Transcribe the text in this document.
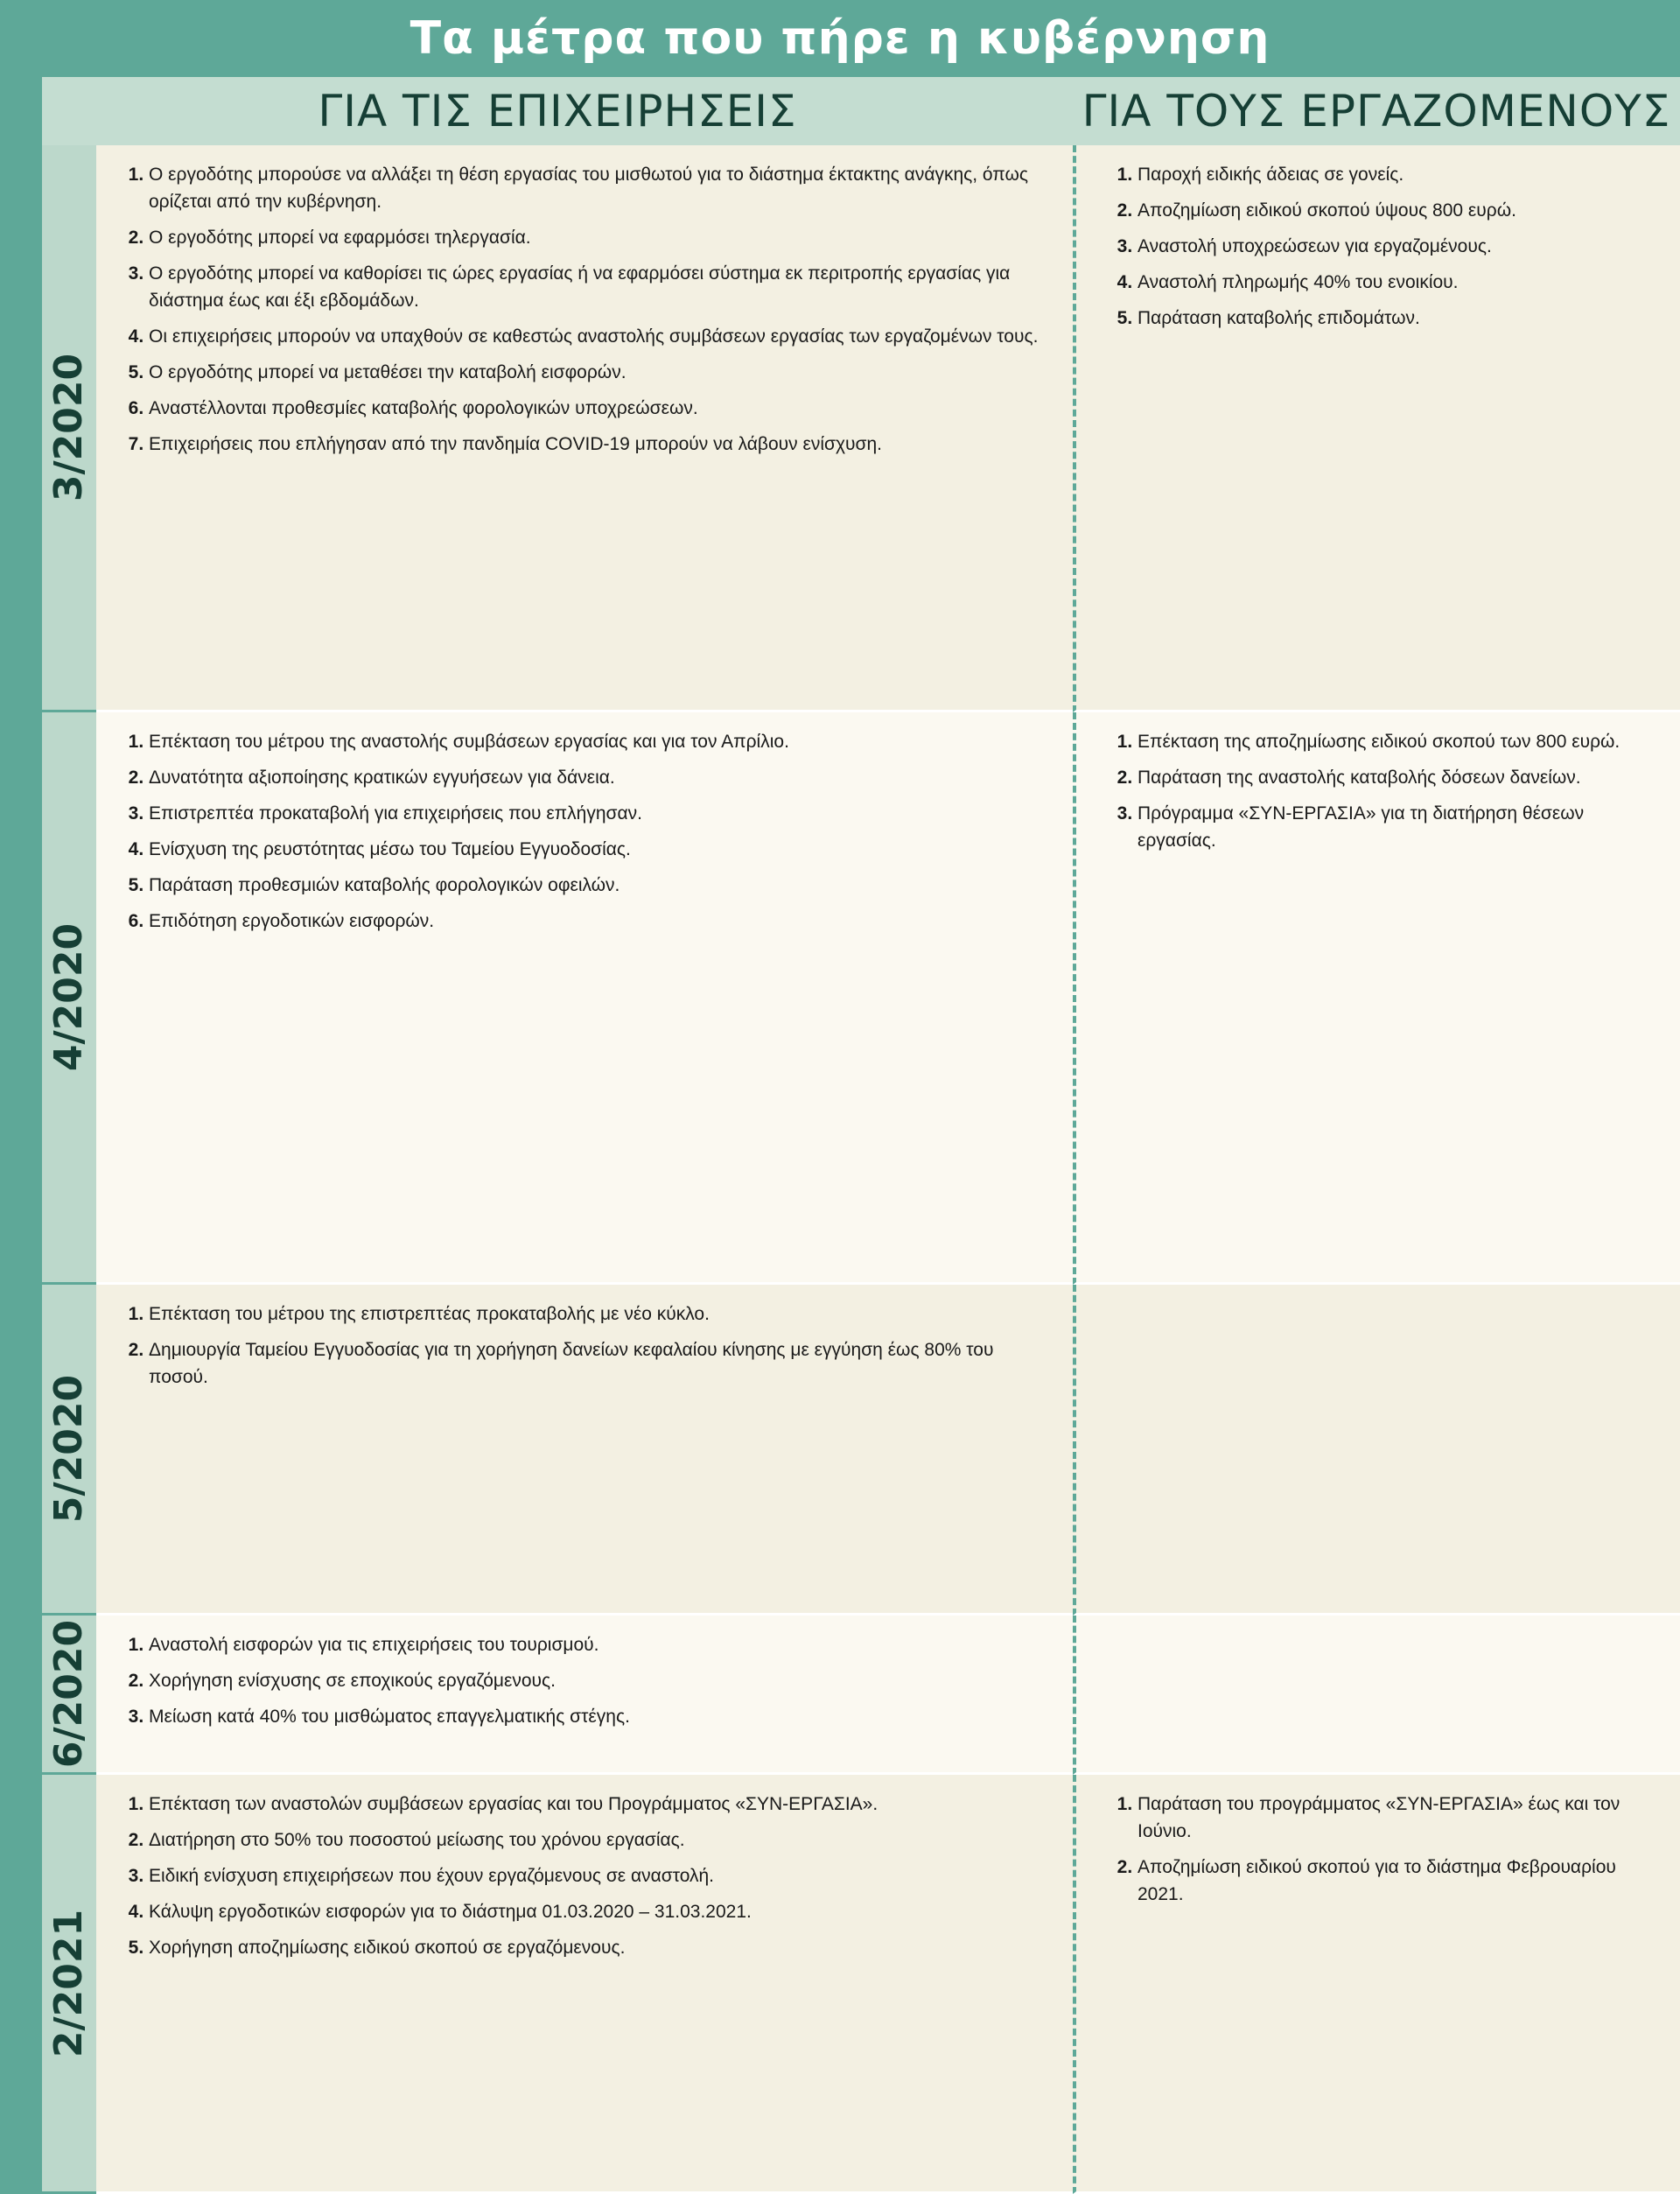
Τα μέτρα που πήρε η κυβέρνηση
ΓΙΑ ΤΙΣ ΕΠΙΧΕΙΡΗΣΕΙΣ	ΓΙΑ ΤΟΥΣ ΕΡΓΑΖΟΜΕΝΟΥΣ
3/2020
1. Ο εργοδότης μπορούσε να αλλάξει τη θέση εργασίας του μισθωτού για το διάστημα έκτακτης ανάγκης, όπως ορίζεται από την κυβέρνηση.
2. Ο εργοδότης μπορεί να εφαρμόσει τηλεργασία.
3. Ο εργοδότης μπορεί να καθορίσει τις ώρες εργασίας ή να εφαρμόσει σύστημα εκ περιτροπής εργασίας για διάστημα έως και έξι εβδομάδων.
4. Οι επιχειρήσεις μπορούν να υπαχθούν σε καθεστώς αναστολής συμβάσεων εργασίας των εργαζομένων τους.
5. Ο εργοδότης μπορεί να μεταθέσει την καταβολή εισφορών.
6. Αναστέλλονται προθεσμίες καταβολής φορολογικών υποχρεώσεων.
7. Επιχειρήσεις που επλήγησαν από την πανδημία COVID-19 μπορούν να λάβουν ενίσχυση.
1. Παροχή ειδικής άδειας σε γονείς.
2. Αποζημίωση ειδικού σκοπού ύψους 800 ευρώ.
3. Αναστολή υποχρεώσεων για εργαζομένους.
4. Αναστολή πληρωμής 40% του ενοικίου.
5. Παράταση καταβολής επιδομάτων.
4/2020
1. Επέκταση του μέτρου της αναστολής συμβάσεων εργασίας και για τον Απρίλιο.
2. Δυνατότητα αξιοποίησης κρατικών εγγυήσεων για δάνεια.
3. Επιστρεπτέα προκαταβολή για επιχειρήσεις που επλήγησαν.
4. Ενίσχυση της ρευστότητας μέσω του Ταμείου Εγγυοδοσίας.
5. Παράταση προθεσμιών καταβολής φορολογικών οφειλών.
6. Επιδότηση εργοδοτικών εισφορών.
1. Επέκταση της αποζημίωσης ειδικού σκοπού των 800 ευρώ.
2. Παράταση της αναστολής καταβολής δόσεων δανείων.
3. Πρόγραμμα «ΣΥΝ-ΕΡΓΑΣΙΑ» για τη διατήρηση θέσεων εργασίας.
5/2020
1. Επέκταση του μέτρου της επιστρεπτέας προκαταβολής με νέο κύκλο.
2. Δημιουργία Ταμείου Εγγυοδοσίας για τη χορήγηση δανείων κεφαλαίου κίνησης με εγγύηση έως 80% του ποσού.
6/2020
1.	Αναστολή εισφορών για τις επιχειρήσεις του τουρισμού.
2. Χορήγηση ενίσχυσης σε εποχικούς εργαζόμενους.
3. Μείωση κατά 40% του μισθώματος επαγγελματικής στέγης.
2/2021
1. Επέκταση των αναστολών συμβάσεων εργασίας και του Προγράμματος «ΣΥΝ-ΕΡΓΑΣΙΑ».
2. Διατήρηση στο 50% του ποσοστού μείωσης του χρόνου εργασίας.
3. Ειδική ενίσχυση επιχειρήσεων που έχουν εργαζόμενους σε αναστολή.
4. Κάλυψη εργοδοτικών εισφορών για το διάστημα 01.03.2020 – 31.03.2021.
5. Χορήγηση αποζημίωσης ειδικού σκοπού σε εργαζόμενους.
1. Παράταση του προγράμματος «ΣΥΝ-ΕΡΓΑΣΙΑ» έως και τον Ιούνιο.
2. Αποζημίωση ειδικού σκοπού για το διάστημα Φεβρουαρίου 2021.
